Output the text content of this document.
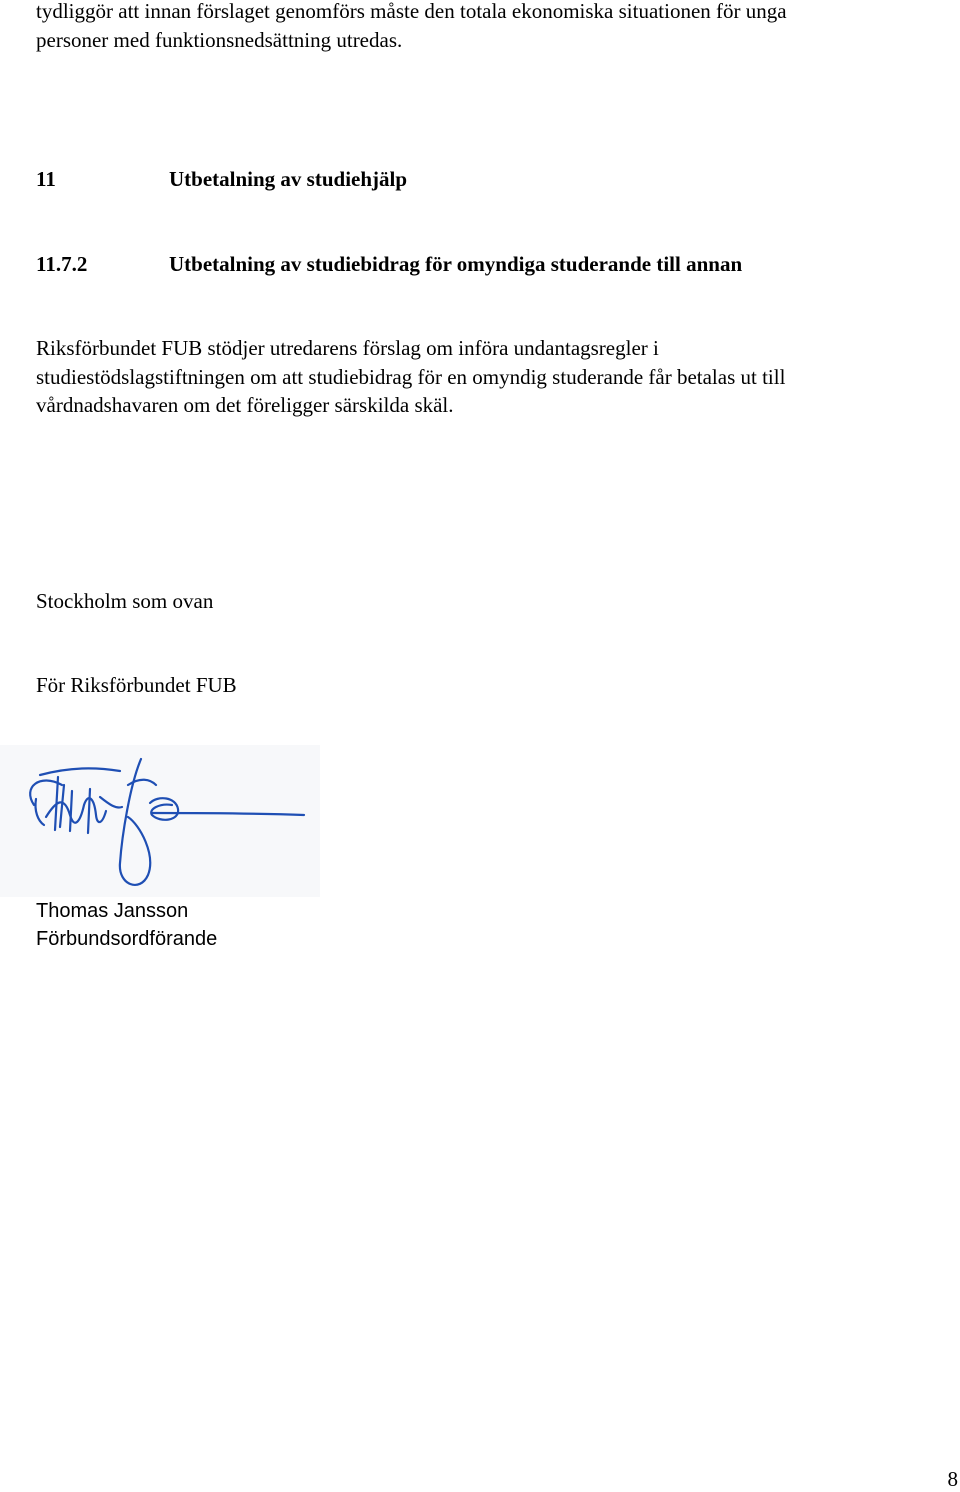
tydliggör att innan förslaget genomförs måste den totala ekonomiska situationen för unga

personer med funktionsnedsättning utredas.

11	Utbetalning av studiehjälp

11.7.2	Utbetalning av studiebidrag för omyndiga studerande till annan

Riksförbundet FUB stödjer utredarens förslag om införa undantagsregler i

studiestödslagstiftningen om att studiebidrag för en omyndig studerande får betalas ut till

vårdnadshavaren om det föreligger särskilda skäl.

Stockholm som ovan

För Riksförbundet FUB

Thomas Jansson

Förbundsordförande

8
